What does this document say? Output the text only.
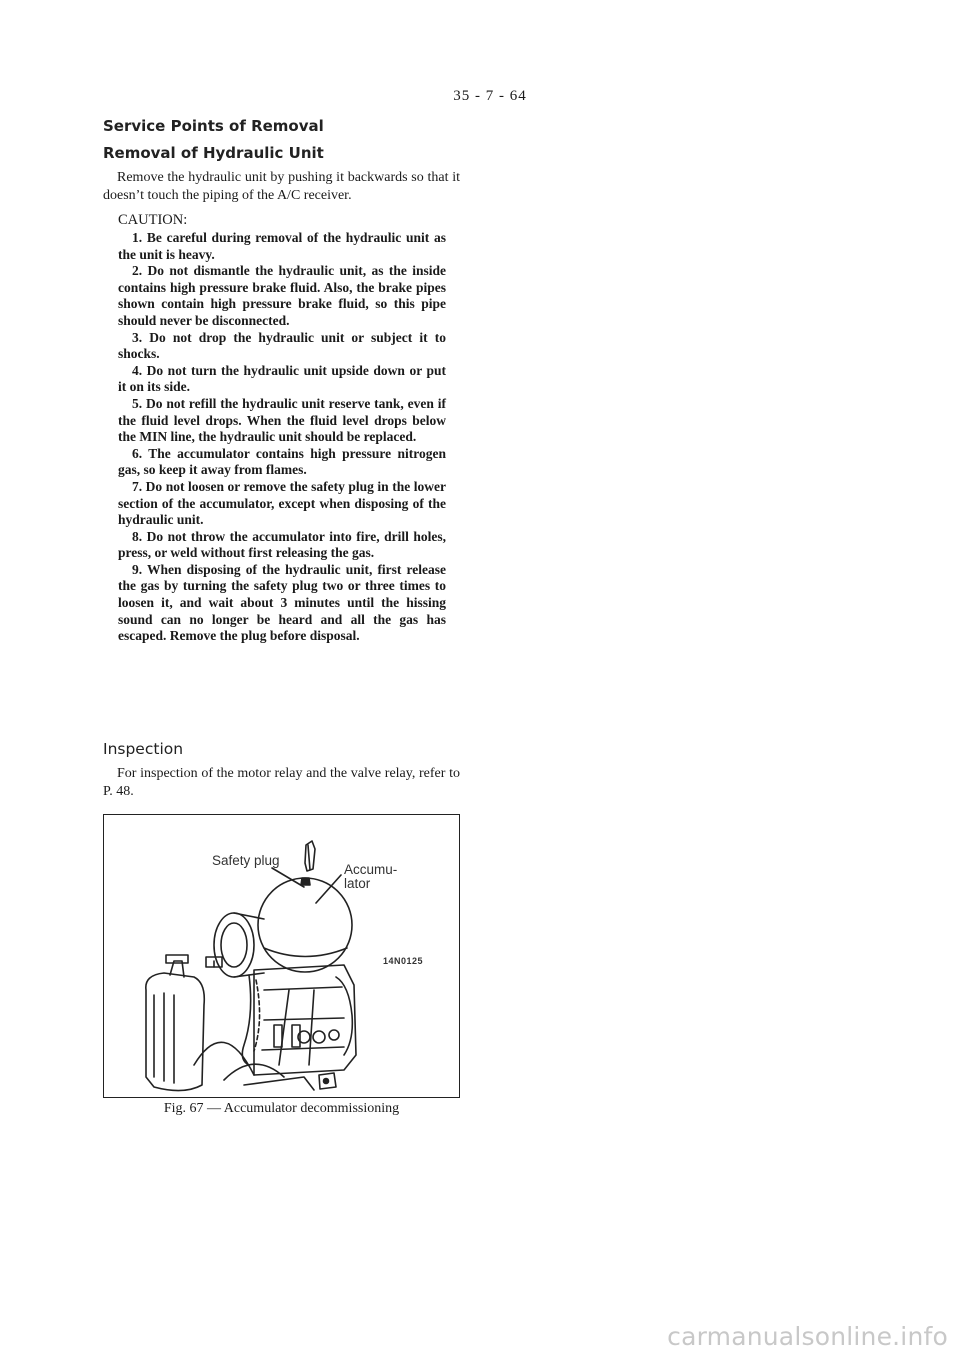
35 - 7 - 64
Service Points of Removal
Removal of Hydraulic Unit
Remove the hydraulic unit by pushing it backwards so that it doesn’t touch the piping of the A/C receiver.
CAUTION:

1. Be careful during removal of the hydraulic unit as the unit is heavy.

2. Do not dismantle the hydraulic unit, as the inside contains high pressure brake fluid. Also, the brake pipes shown contain high pressure brake fluid, so this pipe should never be disconnected.

3. Do not drop the hydraulic unit or subject it to shocks.

4. Do not turn the hydraulic unit upside down or put it on its side.

5. Do not refill the hydraulic unit reserve tank, even if the fluid level drops. When the fluid level drops below the MIN line, the hydraulic unit should be replaced.

6. The accumulator contains high pressure nitrogen gas, so keep it away from flames.

7. Do not loosen or remove the safety plug in the lower section of the accumulator, except when disposing of the hydraulic unit.

8. Do not throw the accumulator into fire, drill holes, press, or weld without first releasing the gas.

9. When disposing of the hydraulic unit, first release the gas by turning the safety plug two or three times to loosen it, and wait about 3 minutes until the hissing sound can no longer be heard and all the gas has escaped. Remove the plug before disposal.

Inspection
For inspection of the motor relay and the valve relay, refer to P. 48.
Safety plug
Accumu-
lator
14N0125
Fig. 67 — Accumulator decommissioning
carmanualsonline.info
